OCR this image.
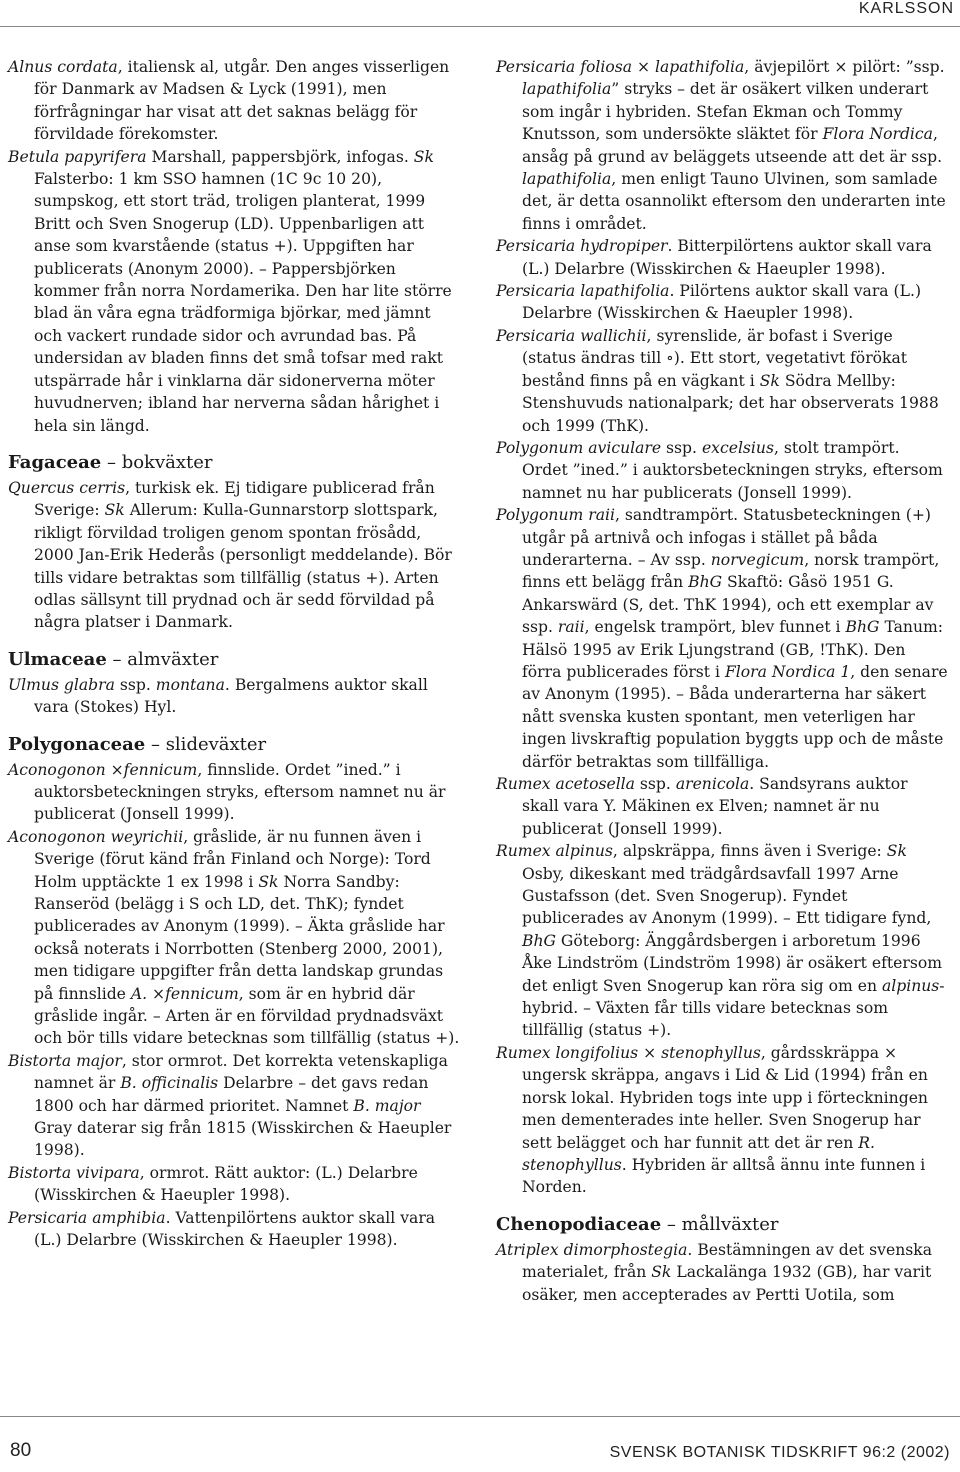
KARLSSON

Alnus cordata, italiensk al, utgår. Den anges visserligen för Danmark av Madsen & Lyck (1991), men förfrågningar har visat att det saknas belägg för förvildade förekomster.

Betula papyrifera Marshall, pappersbjörk, infogas. Sk Falsterbo: 1 km SSO hamnen (1C 9c 10 20), sumpskog, ett stort träd, troligen planterat, 1999 Britt och Sven Snogerup (LD). Uppenbarligen att anse som kvarstående (status +). Uppgiften har publicerats (Anonym 2000). – Pappersbjörken kommer från norra Nordamerika. Den har lite större blad än våra egna trädformiga björkar, med jämnt och vackert rundade sidor och avrundad bas. På undersidan av bladen finns det små tofsar med rakt utspärrade hår i vinklarna där sidonerverna möter huvudnerven; ibland har nerverna sådan hårighet i hela sin längd.

Fagaceae – bokväxter

Quercus cerris, turkisk ek. Ej tidigare publicerad från Sverige: Sk Allerum: Kulla-Gunnarstorp slottspark, rikligt förvildad troligen genom spontan frösådd, 2000 Jan-Erik Hederås (personligt meddelande). Bör tills vidare betraktas som tillfällig (status +). Arten odlas sällsynt till prydnad och är sedd förvildad på några platser i Danmark.

Ulmaceae – almväxter

Ulmus glabra ssp. montana. Bergalmens auktor skall vara (Stokes) Hyl.

Polygonaceae – slideväxter

Aconogonon ×fennicum, finnslide. Ordet ”ined.” i auktorsbeteckningen stryks, eftersom namnet nu är publicerat (Jonsell 1999).

Aconogonon weyrichii, gråslide, är nu funnen även i Sverige (förut känd från Finland och Norge): Tord Holm upptäckte 1 ex 1998 i Sk Norra Sandby: Ranseröd (belägg i S och LD, det. ThK); fyndet publicerades av Anonym (1999). – Äkta gråslide har också noterats i Norrbotten (Stenberg 2000, 2001), men tidigare uppgifter från detta landskap grundas på finnslide A. ×fennicum, som är en hybrid där gråslide ingår. – Arten är en förvildad prydnadsväxt och bör tills vidare betecknas som tillfällig (status +).

Bistorta major, stor ormrot. Det korrekta vetenskapliga namnet är B. officinalis Delarbre – det gavs redan 1800 och har därmed prioritet. Namnet B. major Gray daterar sig från 1815 (Wisskirchen & Haeupler 1998).

Bistorta vivipara, ormrot. Rätt auktor: (L.) Delarbre (Wisskirchen & Haeupler 1998).

Persicaria amphibia. Vattenpilörtens auktor skall vara (L.) Delarbre (Wisskirchen & Haeupler 1998).

Persicaria foliosa × lapathifolia, ävjepilört × pilört: ”ssp. lapathifolia” stryks – det är osäkert vilken underart som ingår i hybriden. Stefan Ekman och Tommy Knutsson, som undersökte släktet för Flora Nordica, ansåg på grund av beläggets utseende att det är ssp. lapathifolia, men enligt Tauno Ulvinen, som samlade det, är detta osannolikt eftersom den underarten inte finns i området.

Persicaria hydropiper. Bitterpilörtens auktor skall vara (L.) Delarbre (Wisskirchen & Haeupler 1998).

Persicaria lapathifolia. Pilörtens auktor skall vara (L.) Delarbre (Wisskirchen & Haeupler 1998).

Persicaria wallichii, syrenslide, är bofast i Sverige (status ändras till ∘). Ett stort, vegetativt förökat bestånd finns på en vägkant i Sk Södra Mellby: Stenshuvuds nationalpark; det har observerats 1988 och 1999 (ThK).

Polygonum aviculare ssp. excelsius, stolt trampört. Ordet ”ined.” i auktorsbeteckningen stryks, eftersom namnet nu har publicerats (Jonsell 1999).

Polygonum raii, sandtrampört. Statusbeteckningen (+) utgår på artnivå och infogas i stället på båda underarterna. – Av ssp. norvegicum, norsk trampört, finns ett belägg från BhG Skaftö: Gåsö 1951 G. Ankarswärd (S, det. ThK 1994), och ett exemplar av ssp. raii, engelsk trampört, blev funnet i BhG Tanum: Hälsö 1995 av Erik Ljungstrand (GB, !ThK). Den förra publicerades först i Flora Nordica 1, den senare av Anonym (1995). – Båda underarterna har säkert nått svenska kusten spontant, men veterligen har ingen livskraftig population byggts upp och de måste därför betraktas som tillfälliga.

Rumex acetosella ssp. arenicola. Sandsyrans auktor skall vara Y. Mäkinen ex Elven; namnet är nu publicerat (Jonsell 1999).

Rumex alpinus, alpskräppa, finns även i Sverige: Sk Osby, dikeskant med trädgårdsavfall 1997 Arne Gustafsson (det. Sven Snogerup). Fyndet publicerades av Anonym (1999). – Ett tidigare fynd, BhG Göteborg: Änggårdsbergen i arboretum 1996 Åke Lindström (Lindström 1998) är osäkert eftersom det enligt Sven Snogerup kan röra sig om en alpinus-hybrid. – Växten får tills vidare betecknas som tillfällig (status +).

Rumex longifolius × stenophyllus, gårdsskräppa × ungersk skräppa, angavs i Lid & Lid (1994) från en norsk lokal. Hybriden togs inte upp i förteckningen men dementerades inte heller. Sven Snogerup har sett belägget och har funnit att det är ren R. stenophyllus. Hybriden är alltså ännu inte funnen i Norden.

Chenopodiaceae – mållväxter

Atriplex dimorphostegia. Bestämningen av det svenska materialet, från Sk Lackalänga 1932 (GB), har varit osäker, men accepterades av Pertti Uotila, som

80	SVENSK BOTANISK TIDSKRIFT 96:2 (2002)
